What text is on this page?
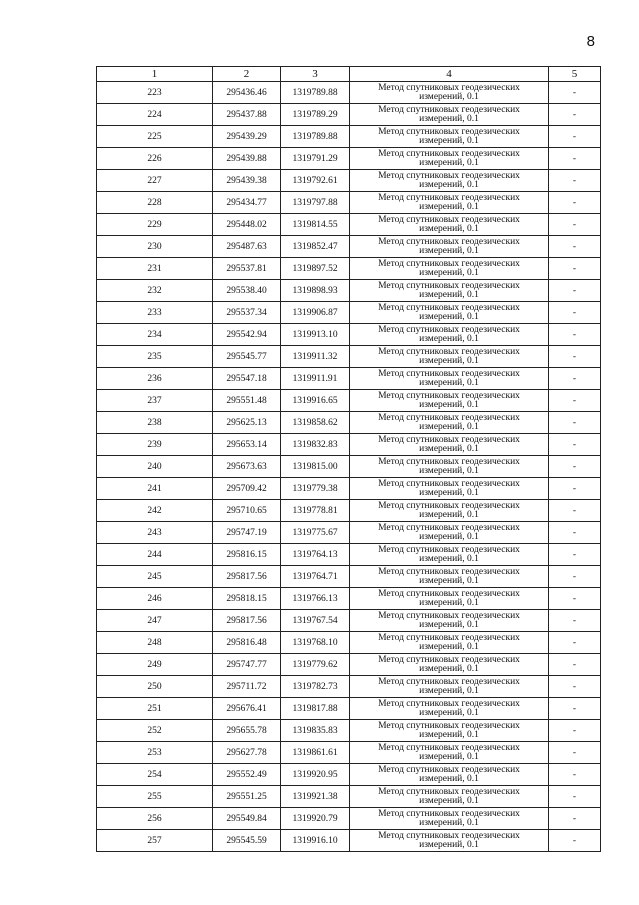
8
1	2	3	4	5
223	295436.46	1319789.88	Метод спутниковых геодезических
измерений, 0.1	-
224	295437.88	1319789.29	Метод спутниковых геодезических
измерений, 0.1	-
225	295439.29	1319789.88	Метод спутниковых геодезических
измерений, 0.1	-
226	295439.88	1319791.29	Метод спутниковых геодезических
измерений, 0.1	-
227	295439.38	1319792.61	Метод спутниковых геодезических
измерений, 0.1	-
228	295434.77	1319797.88	Метод спутниковых геодезических
измерений, 0.1	-
229	295448.02	1319814.55	Метод спутниковых геодезических
измерений, 0.1	-
230	295487.63	1319852.47	Метод спутниковых геодезических
измерений, 0.1	-
231	295537.81	1319897.52	Метод спутниковых геодезических
измерений, 0.1	-
232	295538.40	1319898.93	Метод спутниковых геодезических
измерений, 0.1	-
233	295537.34	1319906.87	Метод спутниковых геодезических
измерений, 0.1	-
234	295542.94	1319913.10	Метод спутниковых геодезических
измерений, 0.1	-
235	295545.77	1319911.32	Метод спутниковых геодезических
измерений, 0.1	-
236	295547.18	1319911.91	Метод спутниковых геодезических
измерений, 0.1	-
237	295551.48	1319916.65	Метод спутниковых геодезических
измерений, 0.1	-
238	295625.13	1319858.62	Метод спутниковых геодезических
измерений, 0.1	-
239	295653.14	1319832.83	Метод спутниковых геодезических
измерений, 0.1	-
240	295673.63	1319815.00	Метод спутниковых геодезических
измерений, 0.1	-
241	295709.42	1319779.38	Метод спутниковых геодезических
измерений, 0.1	-
242	295710.65	1319778.81	Метод спутниковых геодезических
измерений, 0.1	-
243	295747.19	1319775.67	Метод спутниковых геодезических
измерений, 0.1	-
244	295816.15	1319764.13	Метод спутниковых геодезических
измерений, 0.1	-
245	295817.56	1319764.71	Метод спутниковых геодезических
измерений, 0.1	-
246	295818.15	1319766.13	Метод спутниковых геодезических
измерений, 0.1	-
247	295817.56	1319767.54	Метод спутниковых геодезических
измерений, 0.1	-
248	295816.48	1319768.10	Метод спутниковых геодезических
измерений, 0.1	-
249	295747.77	1319779.62	Метод спутниковых геодезических
измерений, 0.1	-
250	295711.72	1319782.73	Метод спутниковых геодезических
измерений, 0.1	-
251	295676.41	1319817.88	Метод спутниковых геодезических
измерений, 0.1	-
252	295655.78	1319835.83	Метод спутниковых геодезических
измерений, 0.1	-
253	295627.78	1319861.61	Метод спутниковых геодезических
измерений, 0.1	-
254	295552.49	1319920.95	Метод спутниковых геодезических
измерений, 0.1	-
255	295551.25	1319921.38	Метод спутниковых геодезических
измерений, 0.1	-
256	295549.84	1319920.79	Метод спутниковых геодезических
измерений, 0.1	-
257	295545.59	1319916.10	Метод спутниковых геодезических
измерений, 0.1	-
